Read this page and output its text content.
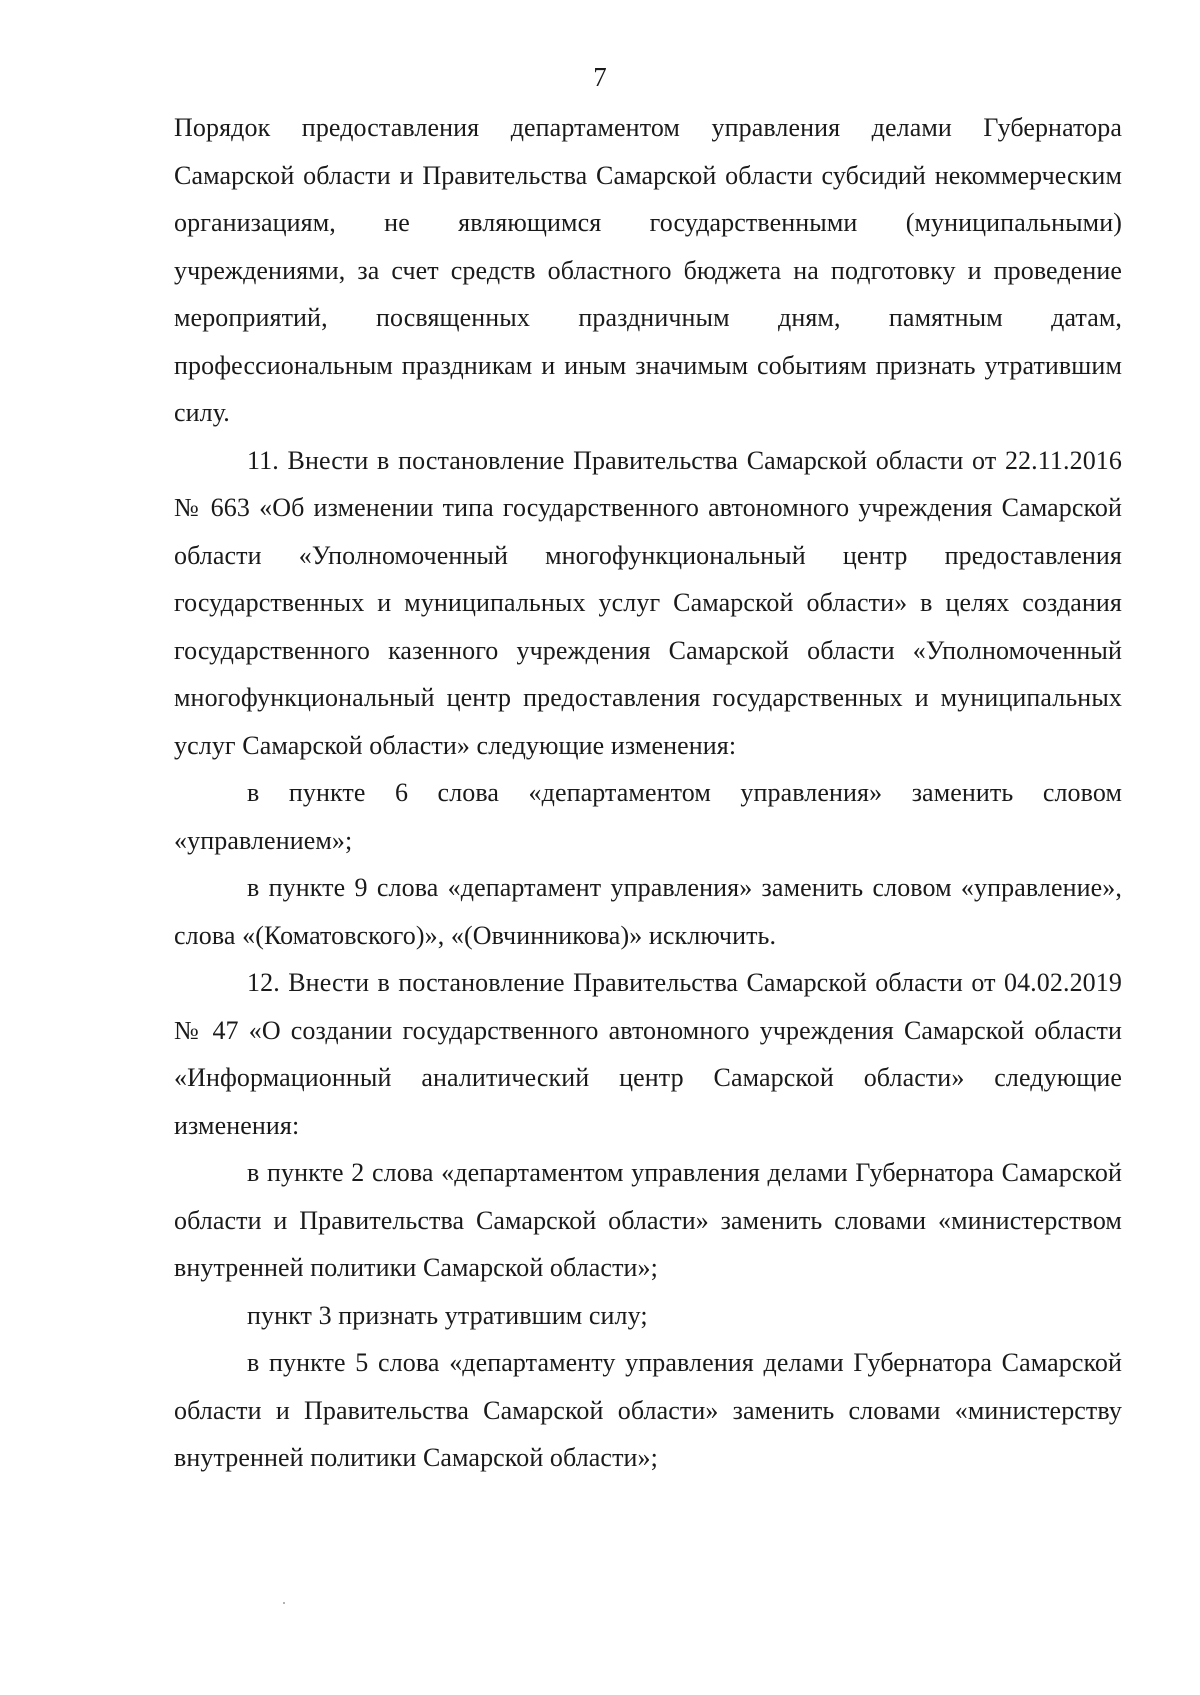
7

Порядок предоставления департаментом управления делами Губернатора Самарской области и Правительства Самарской области субсидий некоммерческим организациям, не являющимся государственными (муниципальными) учреждениями, за счет средств областного бюджета на подготовку и проведение мероприятий, посвященных праздничным дням, памятным датам, профессиональным праздникам и иным значимым событиям признать утратившим силу.

11. Внести в постановление Правительства Самарской области от 22.11.2016 № 663 «Об изменении типа государственного автономного учреждения Самарской области «Уполномоченный многофункциональный центр предоставления государственных и муниципальных услуг Самарской области» в целях создания государственного казенного учреждения Самарской области «Уполномоченный многофункциональный центр предоставления государственных и муниципальных услуг Самарской области» следующие изменения:

в пункте 6 слова «департаментом управления» заменить словом «управлением»;

в пункте 9 слова «департамент управления» заменить словом «управление», слова «(Коматовского)», «(Овчинникова)» исключить.

12. Внести в постановление Правительства Самарской области от 04.02.2019 № 47 «О создании государственного автономного учреждения Самарской области «Информационный аналитический центр Самарской области» следующие изменения:

в пункте 2 слова «департаментом управления делами Губернатора Самарской области и Правительства Самарской области» заменить словами «министерством внутренней политики Самарской области»;

пункт 3 признать утратившим силу;

в пункте 5 слова «департаменту управления делами Губернатора Самарской области и Правительства Самарской области» заменить словами «министерству внутренней политики Самарской области»;
